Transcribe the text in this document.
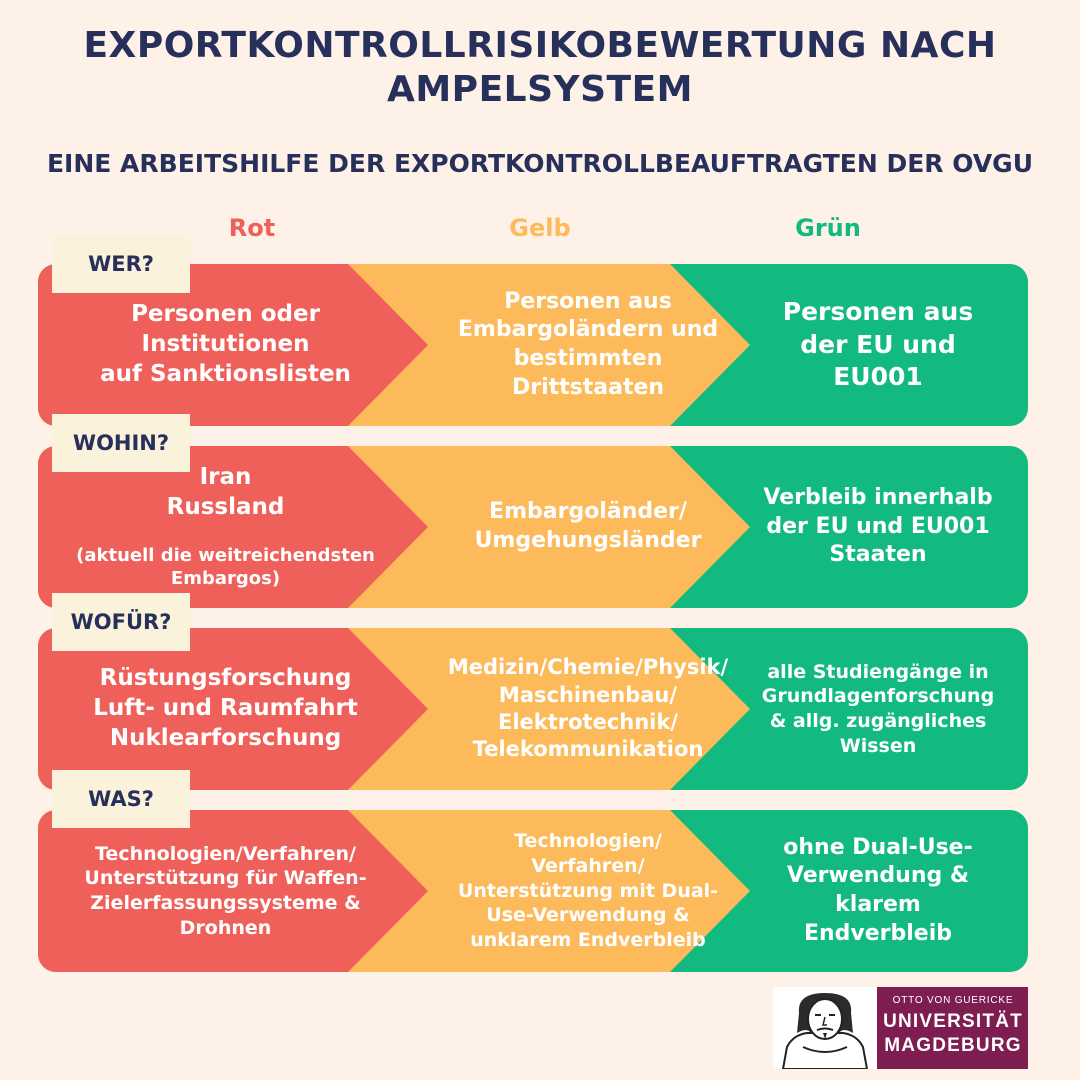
EXPORTKONTROLLRISIKOBEWERTUNG NACH
AMPELSYSTEM
EINE ARBEITSHILFE DER EXPORTKONTROLLBEAUFTRAGTEN DER OVGU
Rot	Gelb	Grün
Personen oder Institutionen
auf Sanktionslisten
Personen aus
Embargoländern und
bestimmten
Drittstaaten
Personen aus
der EU und
EU001

Iran
Russland

(aktuell die weitreichendsten
Embargos)

Embargoländer/
Umgehungsländer
Verbleib innerhalb
der EU und EU001
Staaten
Rüstungsforschung
Luft- und Raumfahrt
Nuklearforschung
Medizin/Chemie/Physik/
Maschinenbau/
Elektrotechnik/
Telekommunikation
alle Studiengänge in
Grundlagenforschung
& allg. zugängliches
Wissen
Technologien/Verfahren/
Unterstützung für Waffen-
Zielerfassungssysteme &
Drohnen
Technologien/
Verfahren/
Unterstützung mit Dual-
Use-Verwendung &
unklarem Endverbleib
ohne Dual-Use-
Verwendung &
klarem Endverbleib
WER?
WOHIN?
WOFÜR?
WAS?
OTTO VON GUERICKE
UNIVERSITÄT
MAGDEBURG
